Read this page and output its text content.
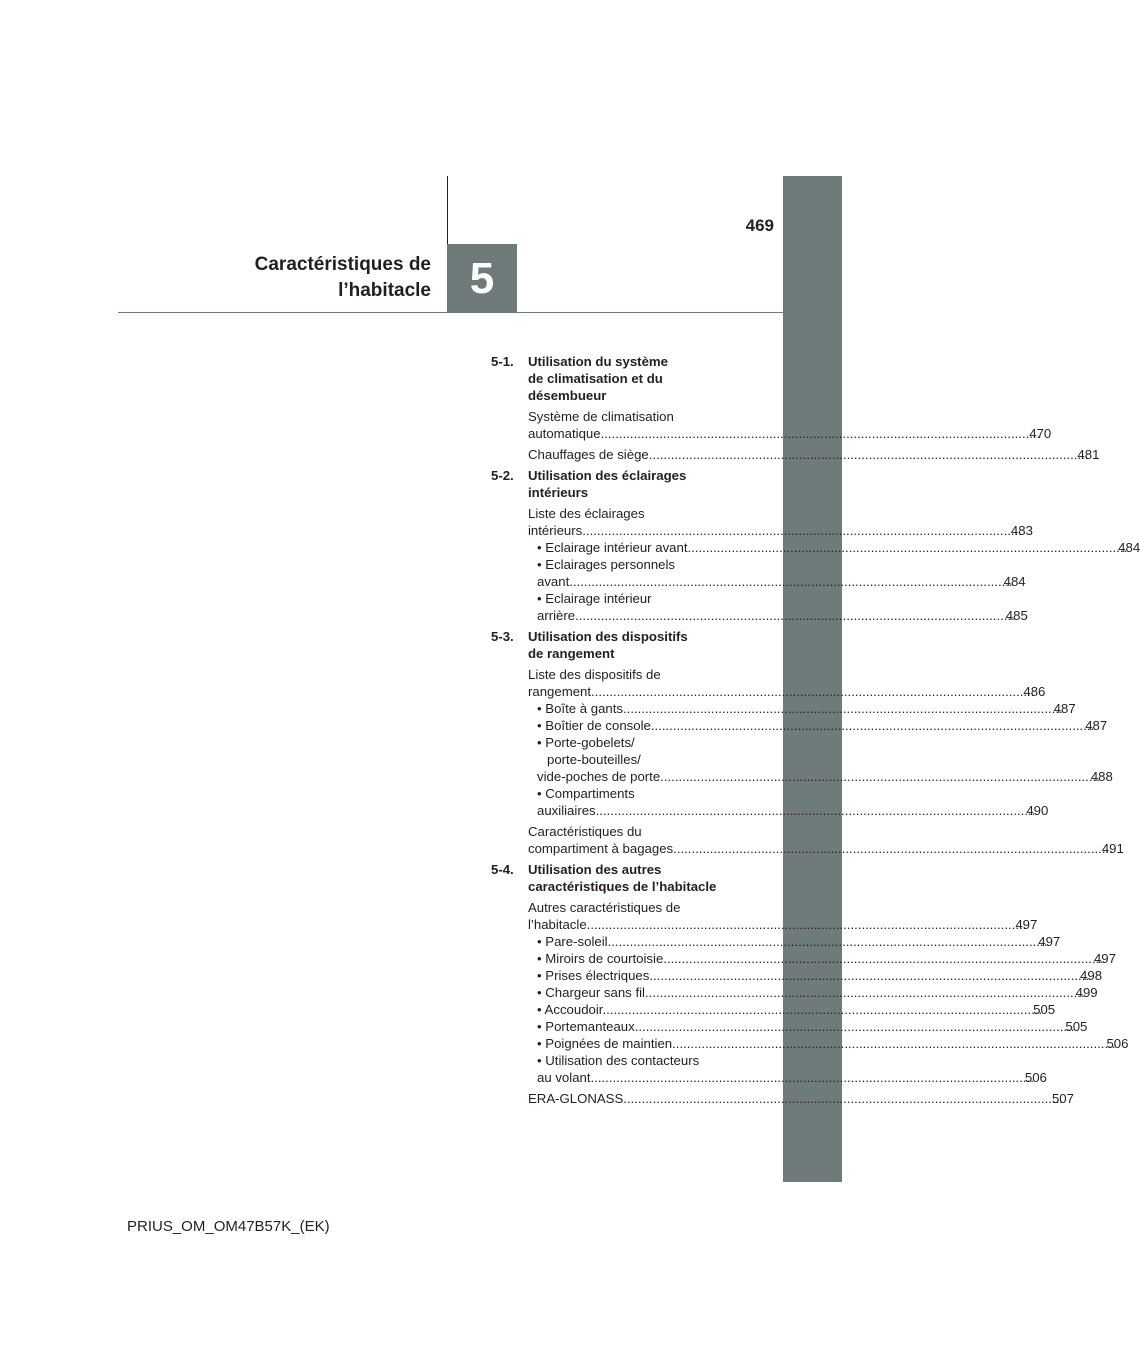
5
469
Caractéristiques de
l’habitacle
5-1.	Utilisation du système
de climatisation et du
désembueur
Système de climatisation
automatique .....	470
Chauffages de siège .....	481
5-2.	Utilisation des éclairages
intérieurs
Liste des éclairages
intérieurs .....	483
• Eclairage intérieur avant .....	484
• Eclairages personnels
avant. .....	484
• Eclairage intérieur
arrière .....	485
5-3.	Utilisation des dispositifs
de rangement
Liste des dispositifs de
rangement. .....	486
• Boîte à gants .....	487
• Boîtier de console. .....	487
• Porte-gobelets/
porte-bouteilles/
vide-poches de porte .....	488
• Compartiments
auxiliaires .....	490
Caractéristiques du
compartiment à bagages .....	491
5-4.	Utilisation des autres
caractéristiques de l’habitacle
Autres caractéristiques de
l’habitacle .....	497
• Pare-soleil .....	497
• Miroirs de courtoisie .....	497
• Prises électriques .....	498
• Chargeur sans fil .....	499
• Accoudoir .....	505
• Portemanteaux .....	505
• Poignées de maintien. .....	506
• Utilisation des contacteurs
au volant. .....	506
ERA-GLONASS .....	507
PRIUS_OM_OM47B57K_(EK)
